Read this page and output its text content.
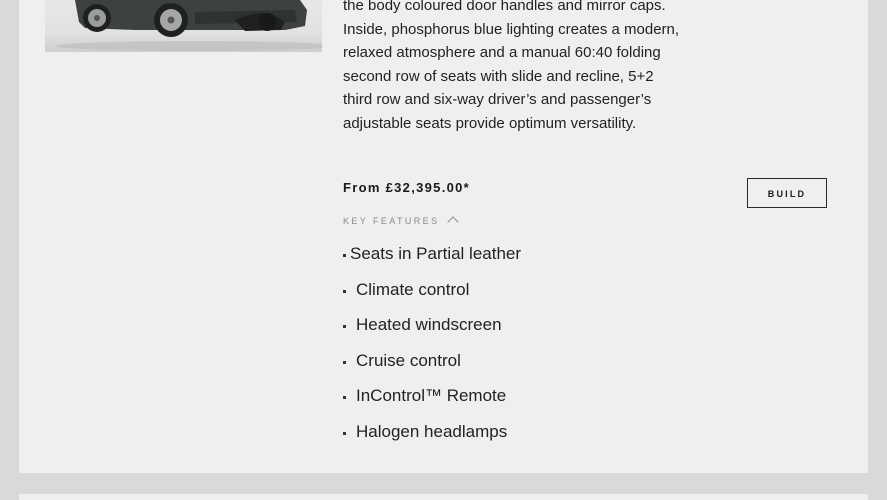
the body coloured door handles and mirror caps. Inside, phosphorus blue lighting creates a modern, relaxed atmosphere and a manual 60:40 folding second row of seats with slide and recline, 5+2 third row and six-way driver’s and passenger’s adjustable seats provide optimum versatility.

From £32,395.00*	BUILD
KEY FEATURES
Seats in Partial leather
Climate control
Heated windscreen
Cruise control
InControl™ Remote
Halogen headlamps
